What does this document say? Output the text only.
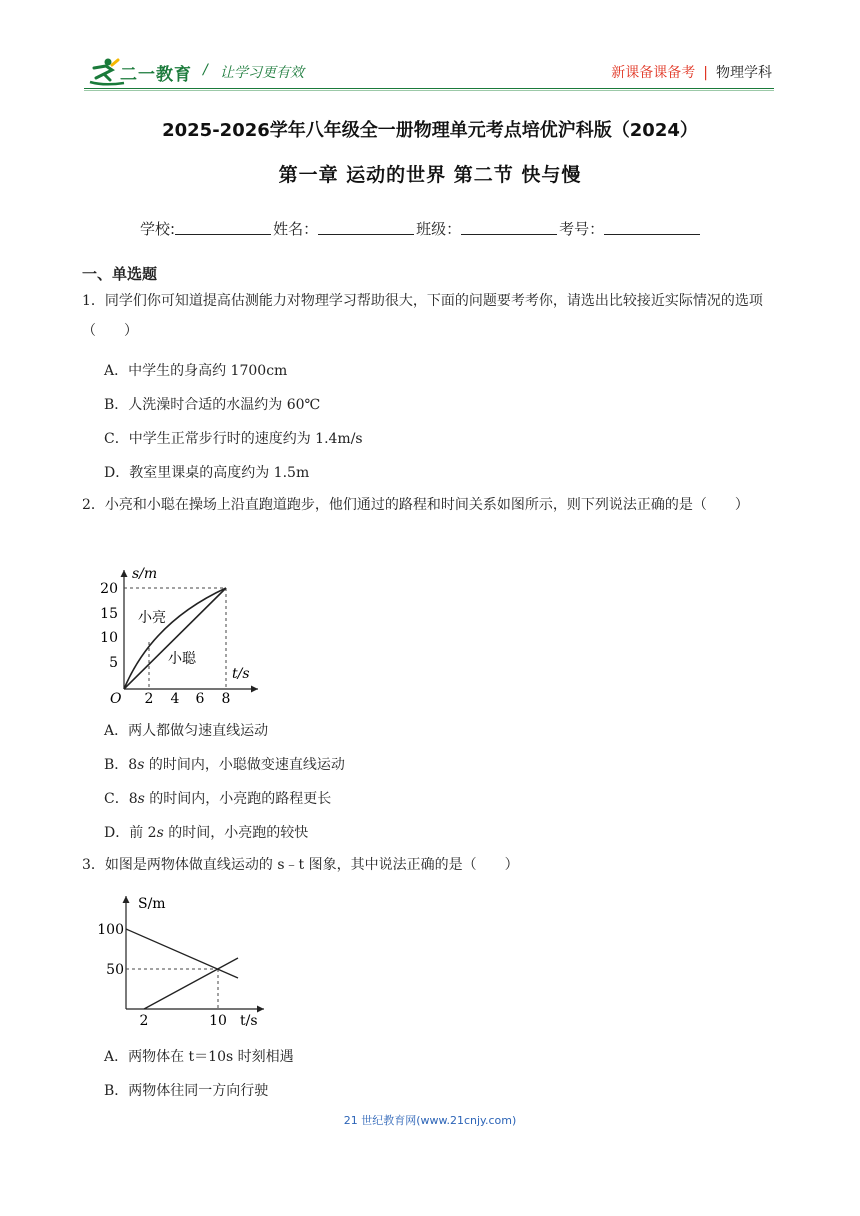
二一教育 / 让学习更有效	新课备课备考 | 物理学科
2025-2026学年八年级全一册物理单元考点培优沪科版（2024）
第一章 运动的世界 第二节 快与慢
学校:	姓名：	班级：	考号：
一、单选题
1．同学们你可知道提高估测能力对物理学习帮助很大，下面的问题要考考你，请选出比较接近实际情况的选项（　　）
A．中学生的身高约 1700cm
B．人洗澡时合适的水温约为 60℃
C．中学生正常步行时的速度约为 1.4m/s
D．教室里课桌的高度约为 1.5m
2．小亮和小聪在操场上沿直跑道跑步，他们通过的路程和时间关系如图所示，则下列说法正确的是（　　）
s/m
t/s
O
5
10
15
20
2 4 6 8
小亮
小聪
A．两人都做匀速直线运动
B．8s 的时间内，小聪做变速直线运动
C．8s 的时间内，小亮跑的路程更长
D．前 2s 的时间，小亮跑的较快
3．如图是两物体做直线运动的 s﹣t 图象，其中说法正确的是（　　）
S/m
t/s
50
100
2	10
A．两物体在 t＝10s 时刻相遇
B．两物体往同一方向行驶
21 世纪教育网(www.21cnjy.com)
